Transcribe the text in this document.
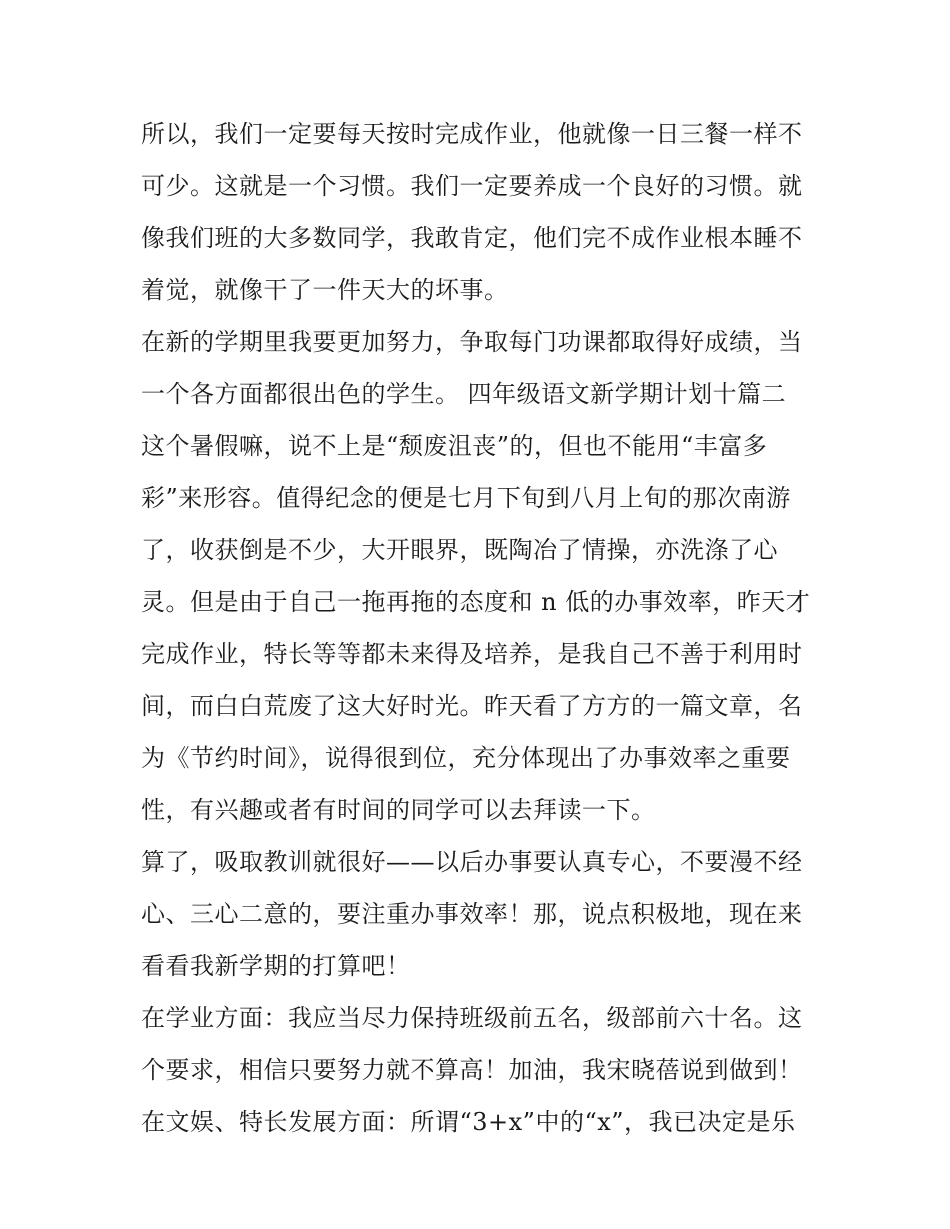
所以，我们一定要每天按时完成作业，他就像一日三餐一样不
可少。这就是一个习惯。我们一定要养成一个良好的习惯。就
像我们班的大多数同学，我敢肯定，他们完不成作业根本睡不
着觉，就像干了一件天大的坏事。
在新的学期里我要更加努力，争取每门功课都取得好成绩，当
一个各方面都很出色的学生。 四年级语文新学期计划十篇二
这个暑假嘛，说不上是“颓废沮丧”的，但也不能用“丰富多
彩”来形容。值得纪念的便是七月下旬到八月上旬的那次南游
了，收获倒是不少，大开眼界，既陶冶了情操，亦洗涤了心
灵。但是由于自己一拖再拖的态度和 n 低的办事效率，昨天才
完成作业，特长等等都未来得及培养，是我自己不善于利用时
间，而白白荒废了这大好时光。昨天看了方方的一篇文章，名
为《节约时间》，说得很到位，充分体现出了办事效率之重要
性，有兴趣或者有时间的同学可以去拜读一下。
算了，吸取教训就很好——以后办事要认真专心，不要漫不经
心、三心二意的，要注重办事效率！那，说点积极地，现在来
看看我新学期的打算吧！
在学业方面：我应当尽力保持班级前五名，级部前六十名。这
个要求，相信只要努力就不算高！加油，我宋晓蓓说到做到！
在文娱、特长发展方面：所谓“3+x”中的“x”，我已决定是乐
